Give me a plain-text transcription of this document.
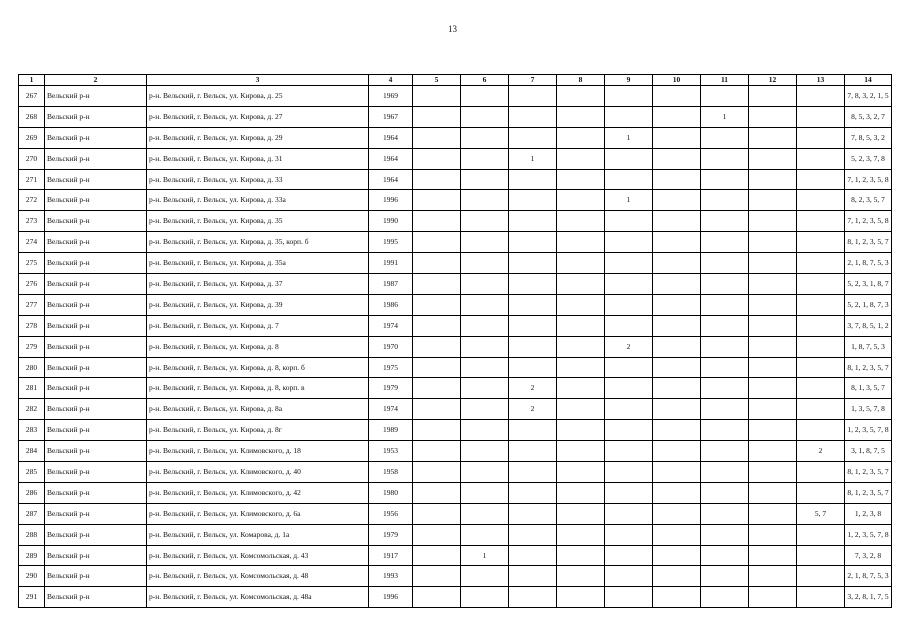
13
1	2	3	4	5	6	7	8	9	10	11	12	13	14
267	Вельский р-н	р-н. Вельский, г. Вельск, ул. Кирова, д. 25	1969										7, 8, 3, 2, 1, 5
268	Вельский р-н	р-н. Вельский, г. Вельск, ул. Кирова, д. 27	1967							1			8, 5, 3, 2, 7
269	Вельский р-н	р-н. Вельский, г. Вельск, ул. Кирова, д. 29	1964					1					7, 8, 5, 3, 2
270	Вельский р-н	р-н. Вельский, г. Вельск, ул. Кирова, д. 31	1964			1							5, 2, 3, 7, 8
271	Вельский р-н	р-н. Вельский, г. Вельск, ул. Кирова, д. 33	1964										7, 1, 2, 3, 5, 8
272	Вельский р-н	р-н. Вельский, г. Вельск, ул. Кирова, д. 33а	1996					1					8, 2, 3, 5, 7
273	Вельский р-н	р-н. Вельский, г. Вельск, ул. Кирова, д. 35	1990										7, 1, 2, 3, 5, 8
274	Вельский р-н	р-н. Вельский, г. Вельск, ул. Кирова, д. 35, корп. б	1995										8, 1, 2, 3, 5, 7
275	Вельский р-н	р-н. Вельский, г. Вельск, ул. Кирова, д. 35а	1991										2, 1, 8, 7, 5, 3
276	Вельский р-н	р-н. Вельский, г. Вельск, ул. Кирова, д. 37	1987										5, 2, 3, 1, 8, 7
277	Вельский р-н	р-н. Вельский, г. Вельск, ул. Кирова, д. 39	1986										5, 2, 1, 8, 7, 3
278	Вельский р-н	р-н. Вельский, г. Вельск, ул. Кирова, д. 7	1974										3, 7, 8, 5, 1, 2
279	Вельский р-н	р-н. Вельский, г. Вельск, ул. Кирова, д. 8	1970					2					1, 8, 7, 5, 3
280	Вельский р-н	р-н. Вельский, г. Вельск, ул. Кирова, д. 8, корп. б	1975										8, 1, 2, 3, 5, 7
281	Вельский р-н	р-н. Вельский, г. Вельск, ул. Кирова, д. 8, корп. в	1979			2							8, 1, 3, 5, 7
282	Вельский р-н	р-н. Вельский, г. Вельск, ул. Кирова, д. 8а	1974			2							1, 3, 5, 7, 8
283	Вельский р-н	р-н. Вельский, г. Вельск, ул. Кирова, д. 8г	1989										1, 2, 3, 5, 7, 8
284	Вельский р-н	р-н. Вельский, г. Вельск, ул. Климовского, д. 18	1953									2	3, 1, 8, 7, 5
285	Вельский р-н	р-н. Вельский, г. Вельск, ул. Климовского, д. 40	1958										8, 1, 2, 3, 5, 7
286	Вельский р-н	р-н. Вельский, г. Вельск, ул. Климовского, д. 42	1980										8, 1, 2, 3, 5, 7
287	Вельский р-н	р-н. Вельский, г. Вельск, ул. Климовского, д. 6а	1956									5, 7	1, 2, 3, 8
288	Вельский р-н	р-н. Вельский, г. Вельск, ул. Комарова, д. 1а	1979										1, 2, 3, 5, 7, 8
289	Вельский р-н	р-н. Вельский, г. Вельск, ул. Комсомольская, д. 43	1917		1								7, 3, 2, 8
290	Вельский р-н	р-н. Вельский, г. Вельск, ул. Комсомольская, д. 48	1993										2, 1, 8, 7, 5, 3
291	Вельский р-н	р-н. Вельский, г. Вельск, ул. Комсомольская, д. 48а	1996										3, 2, 8, 1, 7, 5
